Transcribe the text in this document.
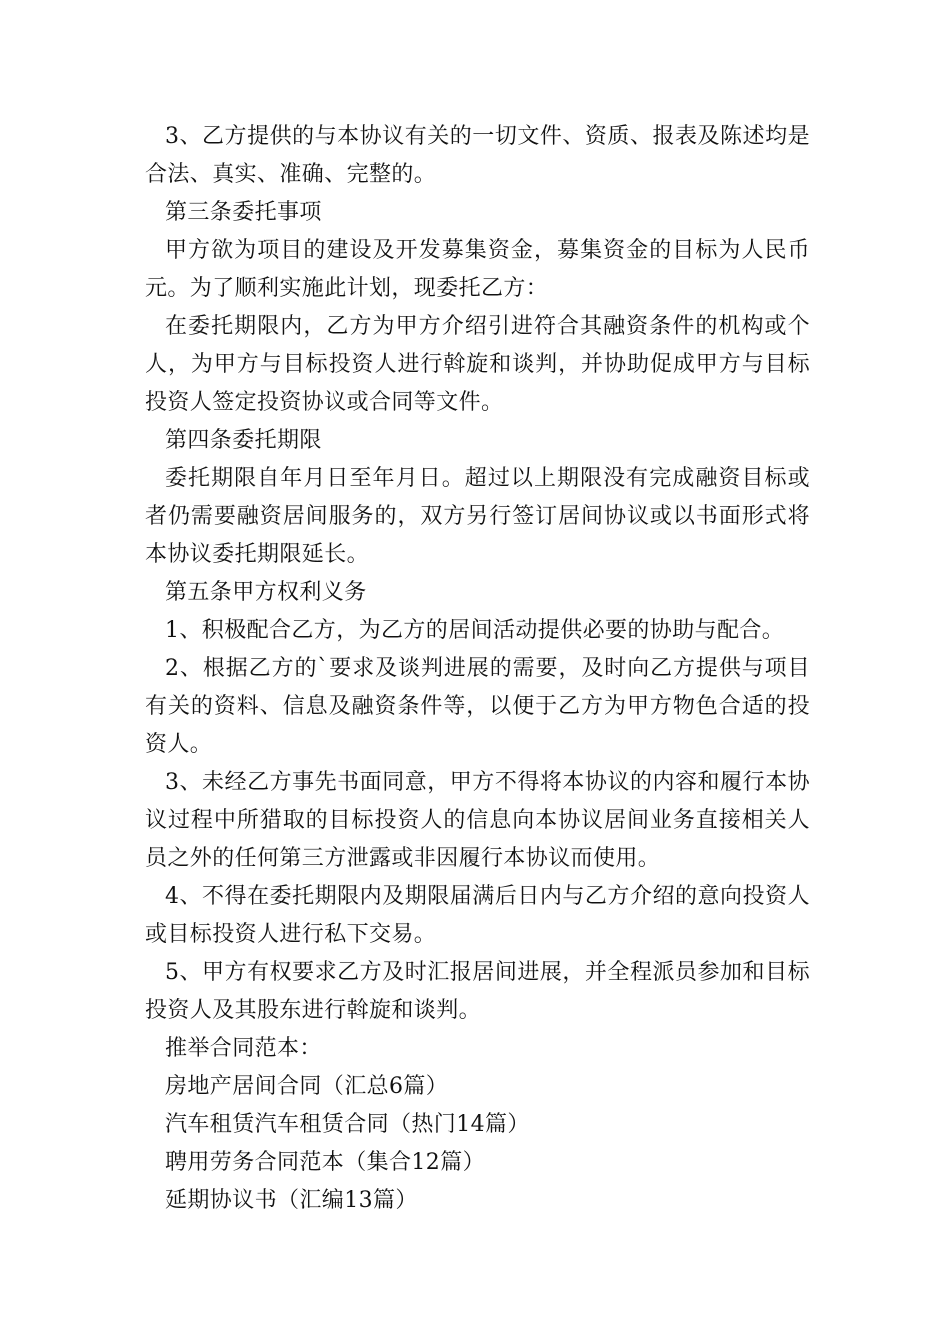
3、乙方提供的与本协议有关的一切文件、资质、报表及陈述均是合法、真实、准确、完整的。

第三条委托事项

甲方欲为项目的建设及开发募集资金，募集资金的目标为人民币元。为了顺利实施此计划，现委托乙方：

在委托期限内，乙方为甲方介绍引进符合其融资条件的机构或个人，为甲方与目标投资人进行斡旋和谈判，并协助促成甲方与目标投资人签定投资协议或合同等文件。

第四条委托期限

委托期限自年月日至年月日。超过以上期限没有完成融资目标或者仍需要融资居间服务的，双方另行签订居间协议或以书面形式将本协议委托期限延长。

第五条甲方权利义务

1、积极配合乙方，为乙方的居间活动提供必要的协助与配合。

2、根据乙方的`要求及谈判进展的需要，及时向乙方提供与项目有关的资料、信息及融资条件等，以便于乙方为甲方物色合适的投资人。

3、未经乙方事先书面同意，甲方不得将本协议的内容和履行本协议过程中所猎取的目标投资人的信息向本协议居间业务直接相关人员之外的任何第三方泄露或非因履行本协议而使用。

4、不得在委托期限内及期限届满后日内与乙方介绍的意向投资人或目标投资人进行私下交易。

5、甲方有权要求乙方及时汇报居间进展，并全程派员参加和目标投资人及其股东进行斡旋和谈判。

推举合同范本：

房地产居间合同（汇总6篇）

汽车租赁汽车租赁合同（热门14篇）

聘用劳务合同范本（集合12篇）

延期协议书（汇编13篇）
